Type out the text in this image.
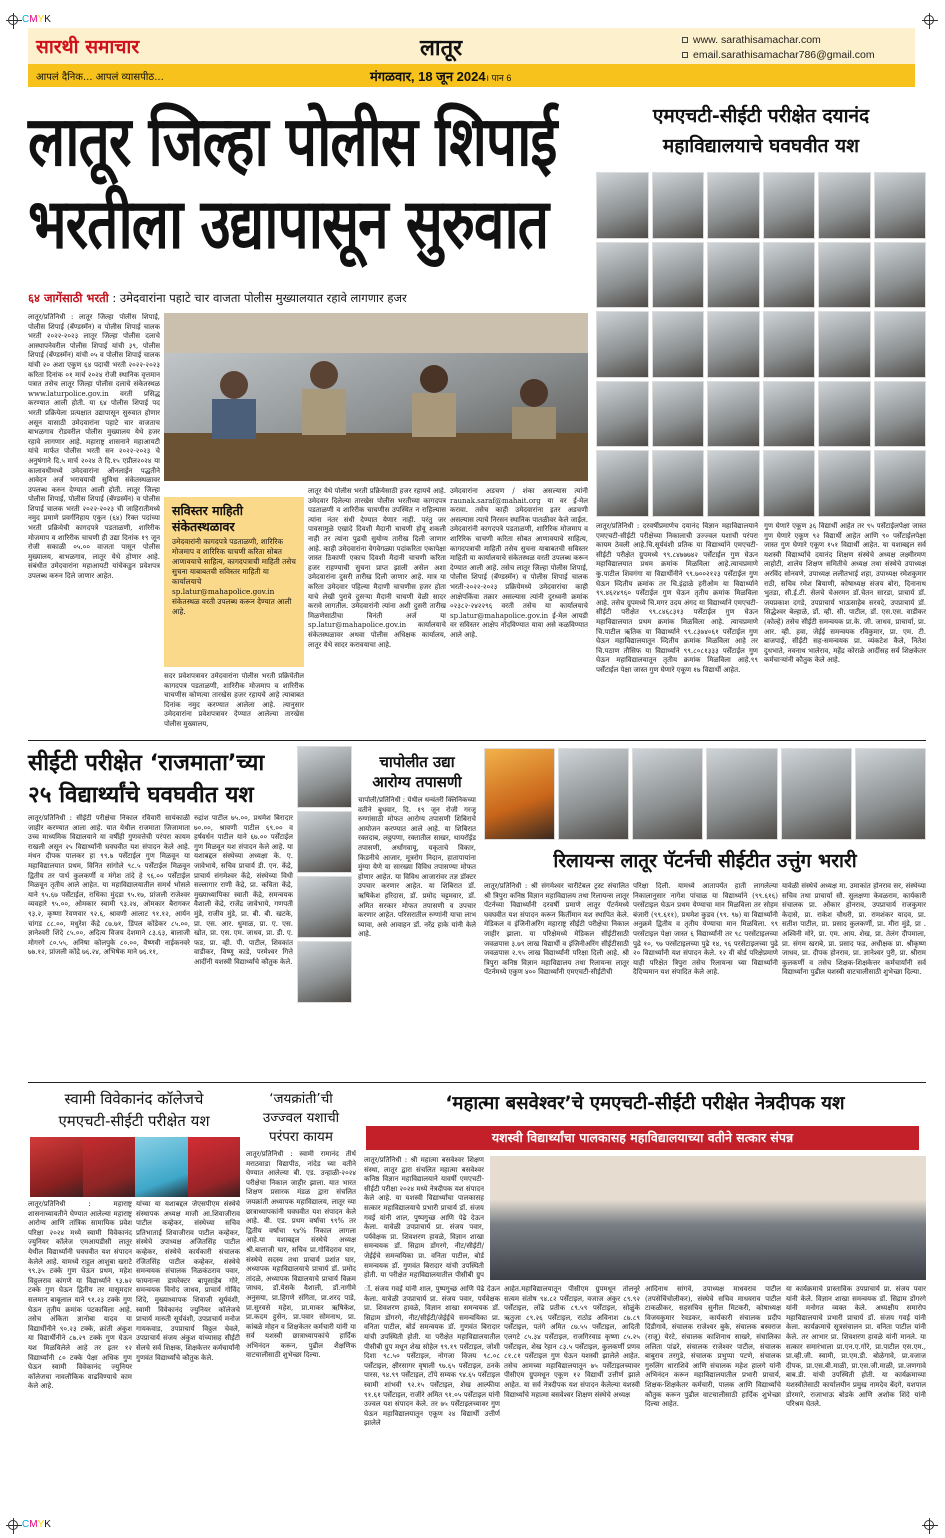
CMYK
सारथी समाचार	लातूर	www. sarathisamachar.com
email.sarathisamachar786@gmail.com
आपलं दैनिक... आपलं व्यासपीठ...	मंगळवार, 18 जून 2024। पान 6
लातूर जिल्हा पोलीस शिपाई
भरतीला उद्यापासून सुरुवात
६४ जागेंसाठी भरती : उमेदवारांना पहाटे चार वाजता पोलीस मुख्यालयात रहावे लागणार हजर
लातूर/प्रतिनिधी : लातूर जिल्हा पोलीस शिपाई, पोलीस शिपाई (बॅण्डस्मॅन) व पोलीस शिपाई चालक भरती २०२२-२०२३ लातूर जिल्हा पोलीस दलाचे आस्थापनेवरील पोलीस शिपाई यांची ३९, पोलीस शिपाई (बॅण्डस्मॅन) यांची ०५ व पोलीस शिपाई चालक यांची २० अशा एकुण ६४ पदाची भरती २०२२-२०२३ करिता दिनांक ०१ मार्च २०२४ रोजी स्थानिक वृत्तमान पत्रात तसेच लातूर जिल्हा पोलीस दलाचे संकेतस्थळ www.laturpolice.gov.in वरती प्रसिद्ध करण्यात आली होती. या ६४ पोलीस शिपाई पद भरती प्रक्रियेला प्रत्यक्षात उद्यापासून सुरुवात होणार असून यासाठी उमेदवारांना पहाटे चार वाजताच बाभळगाव रोडवरील पोलीस मुख्यालय येथे हजर रहावे लागणार आहे. महाराष्ट्र शासनाने महाआयटी यांचे मार्फत पोलीस भरती सन २०२२-२०२३ चे अनुषंगाने दि.५ मार्च २०२४ ते दि.१५ एप्रील२०२४ या कालावधीमध्ये उमेदवारांना ऑनलाईन पद्धतीने आवेदन अर्ज भरावयाची सुविधा संकेतस्थळावर उपलब्ध करुन देण्यात आली होती. लातूर जिल्हा पोलीस शिपाई, पोलीस शिपाई (बॅण्डस्मॅन) व पोलीस शिपाई चालक भरती २०२२-२०२३ ची जाहिरातीमध्ये नमुद प्रमाणे प्रवर्गनिहाय एकुन (६४) रिक्त पदांच्या भरती प्रक्रियेची कागदपत्रे पडताळणी, शारिरीक मोजमाप व शारिरीक चाचणी ही उद्या दिनांक १९ जून रोजी सकाळी ०५.०० वाजता पासून पोलीस मुख्यालय, बाभळगाव, लातूर येथे होणार आहे. संबंधीत उमेदवारांना महाआयटी यांचेकडुन प्रवेशपत्र उपलब्ध करुन दिले जाणार आहेत.
सविस्तर माहिती संकेतस्थळावर

उमेदवारांनी कागदपत्रे पडताळणी, शारिरिक मोजमाप व शारिरिक चाचणी करिता सोबत आणावयाचे साहित्य, कागदपत्राची माहिती तसेच सुचना याबाबतची सविस्तर माहिती या कार्यालयाचे sp.latur@mahapolice.gov.in संकेतस्थळ वरती उपलब्ध करून देण्यात आली आहे.

सदर प्रवेशपत्रावर उमेदवारांना पोलीस भरती प्रक्रियेतील कागदपत्र पडताळणी, शारिरीक मोजमाप व शारिरीक चाचणीस कोणत्या तारखेस हजर रहायचे आहे त्याबाबत दिनांक नमुद करण्यात आलेला आहे. त्यानुसार उमेदवारांना प्रवेशपत्रावर देण्यात आलेल्या तारखेस पोलीस मुख्यालय,
लातूर येथे पोलीस भरती प्रक्रियेसाठी हजर रहायचे आहे. उमेदवार दिलेल्या तारखेस पोलीस भरतीच्या कागदपत्र पडताळणी व शारिरीक चाचणीस उपस्थित न राहिल्यास त्यांना नंतर संधी देण्यात येणार नाही. परंतु जर पावसामुळे एखादे दिवशी मैदानी चाचणी होवू शकली नाही तर त्यांना पुढची सुयोग्य तारीख दिली जाणार आहे. काही उमेदवारांना वेगवेगळ्या पदांकरिता एकापेक्षा जास्त ठिकाणी एकाच दिवशी मैदानी चाचणी करिता हजर राहण्याची सुचना प्राप्त झाली असेल अशा उमेदवारांना दुसरी तारीख दिली जाणार आहे. मात्र या करिता उमेदवार पहिल्या मैदाणी चाचणीस हजर होता याचे लेखी पुरावे दुसऱ्या मैदानी चाचणी वेळी सादर करावे लागतील. उमेदवारांनी त्यांना अशी दुसरी तारीख मिळणेसाठीचा विनंती अर्ज या sp.latur@mahapolice.gov.in कार्यालयाचे संकेतस्थळावर अथवा पोलीस अधिक्षक कार्यालय, लातूर येथे सादर करावयाचा आहे.
उमेदवारांना अडचण / शंका असल्यास त्यांनी raunak.saraf@mahait.org या वर ई-मेल करावा. तसेच काही उमेदवारांना इतर अडचणी असल्यास त्याचे निरसन स्थानिक पातळीवर केले जाईल. उमेदवारांनी कागदपत्रे पडताळणी, शारिरिक मोजमाप व शारिरिक चाचणी करिता सोबत आणावयाचे साहित्य, कागदपत्राची माहिती तसेच सुचना याबाबतची सविस्तर माहिती या कार्यालयाचे संकेतस्थळ वरती उपलब्ध करून देण्यात आली आहे. तसेच लातूर जिल्हा पोलीस शिपाई, पोलीस शिपाई (बॅण्डस्मॅन) व पोलीस शिपाई चालक भरती-२०२२-२०२३ प्रक्रियेमध्ये उमेदवारांचा काही आक्षेपकिंवा तक्रार असल्यास त्यांनी दुरध्वनी क्रमांक ०२३८२-२४२२९६ वरती तसेच या कार्यालयाचे sp.latur@mahapolice.gov.in ई-मेल आयडी वर सविस्तर आक्षेप नोंदविण्यात यावा असे कळविण्यात आले आहे.
एमएचटी-सीईटी परीक्षेत दयानंद
महाविद्यालयाचे घवघवीत यश
लातूर/प्रतिनिधी : दरवर्षीप्रमाणेच दयानंद विज्ञान महाविद्यालयाने एमएचटी-सीईटी परीक्षेच्या निकालाची उज्ज्वल यशाची परंपरा कायम ठेवली आहे.चि.सूर्यवंशी प्रतिक या विद्यार्थ्याने एमएचटी-सीईटी परीक्षेत ग्रुपमध्ये ९९.८४७७७४२ पर्सेंटाईल गुण घेऊन महाविद्यालयात प्रथम क्रमांक मिळविला आहे.त्याचप्रमाणे कु.पाटील शिवगंगा या विद्यार्थीनीने ९९.७००२१२३ पर्सेंटाईल गुण घेऊन व्दितीय क्रमांक तर चि.इंद्राळे हरीओम या विद्यार्थ्याने ९९.४६२४९६० पर्सेंटाईल गुण घेऊन तृतीय क्रमांक मिळविला आहे. तसेच ग्रुपमध्ये चि.मगर उदय अंगद या विद्यार्थ्याने एमएचटी-सीईटी परीक्षेत ९९.८४६८३१३ पर्सेंटाईल गुण घेऊन महाविद्यालयात प्रथम क्रमांक मिळविला आहे. त्याचप्रमाणे चि.पाटील ऋतिक या विद्यार्थ्याने ९९.८३७४०६१ पर्सेंटाईल गुण घेऊन महाविद्यालयातून व्दितीय क्रमांक मिळविला आहे तर चि.पठाण तौसिफ या विद्यार्थ्याने ९९.८०८१३३३ पर्सेंटाईल गुण घेऊन महाविद्यालयातून तृतीय क्रमांक मिळविला आहे.९९ पर्सेंटाईल पेक्षा जास्त गुण घेणारे एकूण १७ विद्यार्थी आहेत.
गुण घेणारे एकूण ३६ विद्यार्थी आहेत तर ९५ पर्सेंटाईलपेक्षा जास्त गुण घेणारे एकूण ९२ विद्यार्थी आहेत आणि ९० पर्सेंटाईलपेक्षा जास्त गुण घेणारे एकूण १५१ विद्यार्थी आहेत. या यशाबद्दल सर्व यशस्वी विद्यार्थ्यांचे दयानंद शिक्षण संस्थेचे अध्यक्ष लक्ष्मीरमण लाहोटी, शालेय शिक्षण समितीचे अध्यक्ष तथा संस्थेचे उपाध्यक्ष अरविंद सोनवणे, उपाध्यक्ष ललीतभाई शहा, उपाध्यक्ष रमेशकुमार राठी, सचिव रमेश बियाणी, कोषाध्यक्ष संजय बोरा, दिनानाथ भुतडा, सी.ई.टी. सेलचे चेअरमन डॉ.चेतन सारडा, प्राचार्य डॉ. जयप्रकाश दगडे, उपप्राचार्य भाऊसाहेब सरवदे, उपप्राचार्य डॉ. सिद्धेश्वर बेल्हाळे, डॉ. व्ही. सी. पाटील, डॉ. एस.एस. वाडीकर (कोल्हे) तसेच सीईटी समन्वयक प्रा.के. जी. जाधव, प्राचार्या, प्रा. आर. व्ही. हवा, जेईई समन्वयक रविकुमार, प्रा. एम. टी. बाजपाई, सीईटी सह-समन्वयक प्रा. व्यंकटेश कैले, नितेश दुधभाते, नवनाथ भालेराव, महेंद्र कोराळे आदींसह सर्व शिक्षकेतर कर्मचाऱ्यांनी कौतुक केले आहे.
सीईटी परीक्षेत ‘राजमाता’च्या
२५ विद्यार्थ्यांचे घवघवीत यश
लातूर/प्रतिनिधी : सीईटी परीक्षेचा निकाल रविवारी सायंकाळी जाहीर करण्यात आला आहे. यात येथील राजमाता जिजामाता उच्च माध्यमिक विद्यालयाने या वर्षीही गुणवत्तेची परंपरा कायम राखली असून २५ विद्यार्थ्यांनी घवघवीत यश संपादन केले आहे. मंथन दीपक पालकर हा ९९.७ पर्सेंटाईल गुण मिळवून या महाविद्यालयात प्रथम, विनित सांगोले ९८.५ पर्सेंटाईल मिळवून द्वितीय तर पार्थ कुलकर्णी व मंगेश तांदे हे ९६.०० पर्सेंटाईल मिळवून तृतीय आले आहेत. या महाविद्यालयातील समर्थ भोसले याने ९५.६७ पर्सेंटाईल, राधिका मुंदडा ९५.१७, प्रांजली राजेश्वर व्यवहारे ९५.००, ओमकार स्वामी ९३.२४, ओमकार बैरागकर ९३.२, कृष्णा रेवणवार ९२.६, श्रावणी आलाट ९१.१२, आर्यन चांगड ८८.००, मधुरेश केंद्रे ८७.७१, डिंपल कोंडेकर ८५.००, ज्ञानेश्वरी शिंदे ८५.००, अदित्य विजय देशमाने ८३.६३, बालाजी मोगरगे ८०.५५, अनिषा कोलपुके ८०.००, वैष्णवी नाईकनवरे ७७.१२, प्रांजली कोंद्रे ७६.२४, अभिषेक माने ७६.११,
रुद्रांश पाटील ७५.००, प्रथमेश बिरादार ७०.००, श्रावणी पाटील ६९.०० व हर्षवर्धन पाटील याने ६७.०० पर्सेंटाईल गुण मिळवून यश संपादन केले आहे. या यशाबद्दल संस्थेच्या अध्यक्षा के. ए. जावेभाये, सचिव प्राचार्य डी. एन. केंद्रे, प्राचार्य संगमेश्वर केंद्रे, संस्थेच्या विधी सल्लागार राणी केंद्रे, प्रा. कविता केंद्रे, मुख्याध्यापिका स्वाती केंद्रे, समन्वयक वैशाली केंद्रे, राजेंद्र जावेभाये, गणपती मुंडे, राजीव मुंडे, प्रा. बी. बी. खटके, प्रा. एस. आर. धुमाळ, प्रा. ए. एस. खोत, प्रा. एस. एम. जाधव, प्रा. डी. ए. फड, प्रा. व्ही. पी. पाटील, शिवकांत वाडीकर, विष्णू काडे, परमेश्वर गित्ते आदींनी यशस्वी विद्यार्थ्यांचे कौतुक केले.
चापोलीत उद्या
आरोग्य तपासणी
चापोली/प्रतिनिधी : येथील धन्वंतरी क्लिनिकच्या वतीने बुधवार, दि. १९ जून रोजी गरजू रुग्णांसाठी मोफत आरोग्य तपासणी शिबिराचे आयोजन करण्यात आले आहे. या शिबिरात रक्तदाब, लठ्ठपणा, रक्तातील साखर, थायरॉईड तपासणी, अर्धांगवायू, यकृताचे विकार, किडनीचे आजार, मूत्ररोग निदान, हातापायांना मुंग्या येणे या सारख्या विविध तपासण्या मोफत होणार आहेत. या विविध आजारांवर तज्ञ डॉक्टर उपचार करणार आहेत. या शिबिरात डॉ. ऋषिकेश हरिदास, डॉ. प्रमोद चट्टमवार, डॉ. अमित सरकार मोफत तपासणी व उपचार करणार आहेत. परिसरातील रुग्णांनी याचा लाभ घ्यावा, असे आवाहन डॉ. नरेंद्र हाके यांनी केले आहे.
रिलायन्स लातूर पॅटर्नची सीईटीत उत्तुंग भरारी
लातूर/प्रतिनिधी : श्री संगमेश्वर चारीटेबल ट्रस्ट संचालित श्री त्रिपुरा कनिष्ठ विज्ञान महाविद्यालय तथा रिलायन्स लातूर पॅटर्नच्या विद्यार्थ्यांनी दरवर्षी प्रमाणे लातूर पॅटर्नमध्ये घवघवीत यश संपादन करून किर्तीमान यश स्थापित केले. मेडिकल व इंजिनीअरिंग महाराष्ट्र सीईटी परीक्षेचा निकाल जाहीर झाला. या परिक्षेमध्ये मेडिकल सीईटीसाठी जवळपास ३.७९ लाख विद्यार्थी व इंजिनीअरिंग सीईटीसाठी जवळपास २.९५ लाख विद्यार्थ्यांनी परिक्षा दिली आहे. श्री त्रिपुरा कनिष्ठ विज्ञान महाविद्यालय तथा रिलायन्स लातूर पॅटर्नमध्ये एकुण ४०० विद्यार्थ्यांनी एमएचटी-सीईटीची
परिक्षा दिली. यामध्ये आतापर्यंत हाती लागलेल्या निकालानुसार नागेश पांचाळ या विद्यार्थ्याने (९९.६१६) परसेंटाइल घेऊन प्रथम येण्याचा मान मिळविला तर सोहम बंजारी (९९.६११), प्रथमेश कुडव (९९. ९७) या विद्यार्थ्यांनी अनुक्रमे द्वितीय व तृतीय येण्याचा मान मिळविला. ९९ परसेंटाइल पेक्षा जास्त ६ विद्यार्थ्यांनी तर ९८ परसेंटाइलच्या पुढे १०, ९७ परसेंटाइलच्या पुढे १४, ९६ परसेंटाइलच्या पुढे २० विद्यार्थ्यांनी यश संपादन केले. १२ वी बोर्ड परिक्षेप्रमाणे याही परिक्षेत त्रिपुरा तसेच रिलायन्स च्या विद्यार्थ्यांनी दैदिप्यमान यश संपादित केले आहे.
यावेळी संस्थेचे अध्यक्ष मा. उमाकांत होनराव सर, संस्थेच्या सचिव तथा प्राचार्या सौ. सुलक्षणा केवळराम, कार्यकारी संचालक प्रा. ओंकार होनराव, उपप्राचार्य राजकुमार केदासे, प्रा. राकेश चौधरी, प्रा. रामशंकर यादव, प्रा. सतीश पाटील, प्रा. प्रसाद कुलकर्णी, प्रा. मीरा मुंडे, प्रा . अश्विनी मोरे, प्रा. एम. आय. शेख, प्रा. तेलंग दीपमाला, प्रा. संगम खराबे, प्रा. प्रसाद फड, अधीक्षक प्रा. श्रीकृष्ण जाधव, प्रा. दीपक होनराव, प्रा. ज्ञानेश्वर पुरी, प्रा. श्रीराम कुलकर्णी व तसेच शिक्षक-शिक्षकेत्तर कर्मचार्यांनी सर्व विद्यार्थ्यांना पुढील यशस्वी वाटचालीसाठी शुभेच्छा दिल्या.
स्वामी विवेकानंद कॉलेजचे
एमएचटी-सीईटी परीक्षेत यश
लातूर/प्रतिनिधी : महाराष्ट्र शासनाच्यावतीने घेण्यात आलेल्या महाराष्ट्र आरोग्य आणि तांत्रिक सामायिक प्रवेश परिक्षा २०२४ मध्ये स्वामी विवेकानंद ज्युनियर कॉलेज एमआयडीसी लातूर येथील विद्यार्थ्यांनी घवघवीत यश संपादन केलेले आहे. यामध्ये राहुल आशुबा खराटे ९९.३५ टक्के गुण घेऊन प्रथम, महेश विठ्ठलराव कांगणे या विद्यार्थ्याने ९३.७२ टक्के गुण घेऊन द्वितीय तर मासूमदार सलमान बाबूलाल याने ९१.२३ टक्के गुण घेऊन तृतीय क्रमांक पटकाविला आहे. तसेच अंकिता ज्ञानोबा यादव या विद्यार्थीनीने ९०.२३ टक्के, क्रांती अंकुश या विद्यार्थीनीने ८७.२९ टक्के गुण घेऊन यश मिळविलेले आहे तर इतर १२ विद्यार्थ्यांनी ८० टक्के पेक्षा अधिक गुण घेऊन स्वामी विवेकानंद ज्युनियर कॉलेजचा नावलौकिक वाढविण्याचे काम केले आहे.
यांच्या या यशाबद्दल जेएसपीएम संस्थेचे संस्थापक अध्यक्ष माजी आ.शिवाजीराव पाटील कव्हेकर, संस्थेच्या सचिव प्रतिभाताई शिवाजीराव पाटील कव्हेकर, संस्थेचे उपाध्यक्ष अजितसिंह पाटील कव्हेकर, संस्थेचे कार्यकारी संचालक रंजितसिंह पाटील कव्हेकर, संस्थेचे समन्वयक संचालक निळकंठराव पवार, फायनान्स डायरेक्टर बापूसाहेब गोरे, समन्वयक विनोद जाधव, प्राचार्य गोविंद शिंदे, मुख्याध्यापक शिवाजी सूर्यवंशी, स्वामी विवेकानंद ज्युनियर कॉलेजचे प्राचार्य मारुती सूर्यवंशी, उपप्राचार्य मनोज गायकवाड, उपप्राचार्य विठ्ठल चेवले, उपप्राचार्य संजय अंकुश यांच्यासह सीईटी सेलचे सर्व शिक्षक, शिक्षकेत्तर कर्मचार्यांनी गुणवंत विद्यार्थ्यांचे कौतुक केले.
‘जयक्रांती’ची
उज्ज्वल यशाची
परंपरा कायम
लातूर/प्रतिनिधी : स्वामी रामानंद तीर्थ मराठवाडा विद्यापीठ, नांदेड च्या वतीने घेण्यात आलेल्या बी. एड. उन्हाळी-२०२४ परीक्षेचा निकाल जाहीर झाला. यात भारत शिक्षण प्रसारक मंडळ द्वारा संचलित जयक्रांती अध्यापक महाविद्यालय, लातूर च्या छात्राध्यापकांनी घवघवीत यश संपादन केले आहे. बी. एड. प्रथम वर्षाचा ९९% तर द्वितीय वर्षाचा ९४% निकाल लागला आहे.या यशाबद्दल संस्थेचे अध्यक्ष श्री.बालाजी घार, सचिव प्रा.गोविंदराव घार, संस्थेचे सदस्य तथा प्राचार्य प्रशांत घार, अध्यापक महाविद्यालयाचे प्राचार्य डॉ. प्रमोद तांदळे, अध्यापक विद्यालयाचे प्राचार्य विक्रम जाधव, डॉ.येसके वैशाली, डॉ.नागीमे अनुसया, प्रा.हिंगणे संगिता, प्रा.शरद पाडे, प्रा.सुरवसे महेश, प्रा.माकर ऋषिकेश, प्रा.कदम हुसेन, प्रा.पवार सोमनाथ, प्रा. कांबळे मोहन व शिक्षकेतर कर्मचारी यांनी या सर्व यशस्वी छात्राध्यापकांचे हार्दिक अभिनंदन करून, पुढील शैक्षणिक वाटचालीसाठी शुभेच्छा दिल्या.
‘महात्मा बसवेश्वर’चे एमएचटी-सीईटी परीक्षेत नेत्रदीपक यश
यशस्वी विद्यार्थ्यांचा पालकासह महाविद्यालयाच्या वतीने सत्कार संपन्न
लातूर/प्रतिनिधी : श्री महात्मा बसवेश्वर शिक्षण संस्था, लातूर द्वारा संचलित महात्मा बसवेश्वर कनिष्ठ विज्ञान महाविद्यालयाने यावर्षी एमएचटी-सीईटी परीक्षा २०२४ मध्ये नेत्रदीपक यश संपादन केले आहे. या यशस्वी विद्यार्थ्यांचा पालकासह सत्कार महाविद्यालयाचे प्रभारी प्राचार्य डॉ. संजय गवई यांनी शाल, पुष्पगुच्छ आणि पेढे देऊन केला. यावेळी उपप्राचार्य प्रा. संजय पवार, पर्यवेक्षक प्रा. शिवशरण हावळे, विज्ञान शाखा समन्वयक डॉ. सिद्राम डोंगरगे, नीट/सीईटी/जेईईचे समन्वयिका प्रा. वनिता पाटील, बोर्ड समन्वयक डॉ. गुणवंत बिरादार यांची उपस्थिती होती. या परीक्षेत महाविद्यालयातील पीसीबी ग्रुप
ॉ. संजय गवई यांनी शाल, पुष्पगुच्छ आणि पेढे देऊन केला. यावेळी उपप्राचार्य प्रा. संजय पवार, पर्यवेक्षक प्रा. शिवशरण हावळे, विज्ञान शाखा समन्वयक डॉ. सिद्राम डोंगरगे, नीट/सीईटी/जेईईचे समन्वयिका प्रा. वनिता पाटील, बोर्ड समन्वयक डॉ. गुणवंत बिरादार यांची उपस्थिती होती. या परीक्षेत महाविद्यालयातील पीसीबी ग्रुप मधून शेख सोहेल ९९.१९ पर्सेंटाइल, जोशी दिशा ९८.५० पर्सेंटाइल, नोगजा विजय ९८.०८ पर्सेंटाइल, क्षीरसागर वृषाली ९७.६५ पर्सेंटाइल, ठनके पारस, ९४.९९ पर्सेंटाइल, टॉपे सम्यक ९४.६५ पर्सेंटाइल स्वामी शांभवी ९२.१५ पर्सेंटाइल, शेख आल्फीया ९१.६१ पर्सेंटाइल, राजीरे अमित ९१.०५ पर्सेंटाइल यांनी उज्वल यश संपादन केले. तर ७५ पर्सेंटाइलच्यावर गुण घेऊन महाविद्यालयातून एकूण २४ विद्यार्थी उत्तीर्ण झालेले
आहेत.महाविद्यालयातून पीसीएम ग्रुपमधून तोलनूरे सत्यम संतोष ९४.८२ पर्सेंटाइल, वजाज अंकुर ८९.९२ पर्सेंटाइल, लोंढे प्रतीक ८९.५९ पर्सेंटाइल, सोळुंके ऋतुजा ८९.२६ पर्सेंटाइल, राठोड अविनाश ८७.८९ पर्सेंटाइल, पतंगे अमित ८७.५५ पर्सेंटाइल, आदिती एलगटे ८५.३४ पर्सेंटाइल, राजगिरवाड कृष्णा ८५.२५ पर्सेंटाइल, शेख रेहान ८३.५ पर्सेंटाइल, कुलकर्णी प्रणव ८१.८१ पर्सेंटाइल गुण घेऊन यशस्वी झालेले आहेत. तसेच आमच्या महाविद्यालयातून ७५ पर्सेंटाइलच्यावर पीसीएम ग्रुपमधून एकूण १२ विद्यार्थी उत्तीर्ण झाले आहेत. या सर्व नेत्रदीपक यश संपादन केलेल्या यशस्वी विद्यार्थ्यांचे महात्मा बसवेश्वर शिक्षण संस्थेचे अध्यक्ष
आदिनाथ सांगवे, उपाध्यक्ष माधवराव पाटील (तपसेचिंचोलीकर), संस्थेचे सचिव माधवराव पाटील टाकळीकर, सहसचिव सुनील मिटकरी, कोषाध्यक्ष विजयकुमार रेवडकर, कार्यकारी संचालक प्रदीप दिंडीगावे, संचालक राजेश्वर बुके, संचालक बस्वराज (राजू) येरटे, संचालक काशिनाथ साखरे, संचालिका ललिता पांढरे, संचालक राजेश्वर पाटील, संचालक बाबुराव तरगुडे, संचालक प्रभुप्पा पटणे, संचालक गुरुलिंग धाराशिवे आणि संचालक महेश हालगे यांनी अभिनंदन करून महाविद्यालयातील प्रभारी प्राचार्य, शिक्षक-शिक्षकेतर कर्मचारी, पालक आणि विद्यार्थ्यांचे कौतुक करून पुढील वाटचालीसाठी हार्दिक शुभेच्छा दिल्या आहेत.
या कार्यक्रमाचे प्रास्ताविक उपप्राचार्य प्रा. संजय पवार यांनी केले. विज्ञान शाखा समन्वयक डॉ. सिद्राम डोंगरगे यांनी मनोगत व्यक्त केले. अध्यक्षीय समारोप महाविद्यालयाचे प्रभारी प्राचार्य डॉ. संजय गवई यांनी केला. कार्यक्रमाचे सूत्रसंचालन प्रा. वनिता पाटील यांनी केले. तर आभार प्रा. शिवशरण हावळे यांनी मानले. या सत्कार समारंभाला प्रा.एन.ए.गोरे, प्रा.पाटील एस.एम., प्रा.व्ही.जी. स्वामी, प्रा.एम.डी. बोळेगावे, प्रा.वजाज दीपक, प्रा.एस.बी.माळी, प्रा.एस.जी.माळी, प्रा.जणगावे बाब.डी. यांची उपस्थिती होती. या कार्यक्रमाच्या यशस्वीतेसाठी कार्यालयीन प्रमुख नामदेव बेंदगे, यशपाल डोरमारे, राजाभाऊ बोडके आणि अशोक शिंदे यांनी परिश्रम घेतले.
CMYK
